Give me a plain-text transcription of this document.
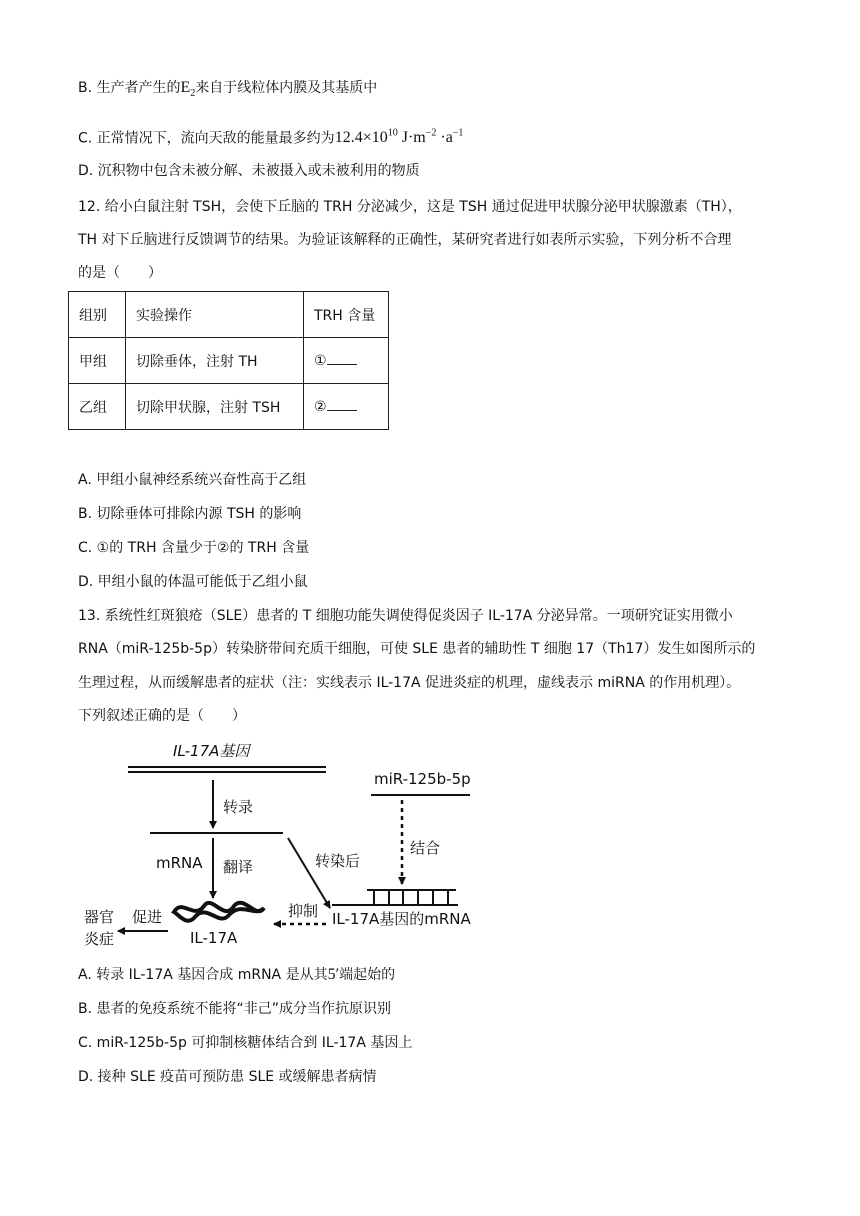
B. 生产者产生的$E_2$来自于线粒体内膜及其基质中
C. 正常情况下，流向天敌的能量最多约为$12.4\times 10^{10}$ $J\cdot m^{-2} \cdot a^{-1}$
D. 沉积物中包含未被分解、未被摄入或未被利用的物质
12. 给小白鼠注射 TSH，会使下丘脑的 TRH 分泌减少，这是 TSH 通过促进甲状腺分泌甲状腺激素（TH），
TH 对下丘脑进行反馈调节的结果。为验证该解释的正确性，某研究者进行如表所示实验，下列分析不合理
的是（　　）
组别	实验操作	TRH 含量
甲组	切除垂体，注射 TH	①
乙组	切除甲状腺，注射 TSH	②
A. 甲组小鼠神经系统兴奋性高于乙组
B. 切除垂体可排除内源 TSH 的影响
C. ①的 TRH 含量少于②的 TRH 含量
D. 甲组小鼠的体温可能低于乙组小鼠
13. 系统性红斑狼疮（SLE）患者的 T 细胞功能失调使得促炎因子 IL-17A 分泌异常。一项研究证实用微小
RNA（miR-125b-5p）转染脐带间充质干细胞，可使 SLE 患者的辅助性 T 细胞 17（Th17）发生如图所示的
生理过程，从而缓解患者的症状（注：实线表示 IL-17A 促进炎症的机理，虚线表示 miRNA 的作用机理）。
下列叙述正确的是（　　）
IL-17A基因
转录
mRNA 翻译
IL-17A
促进
器官
炎症
转染后
miR-125b-5p
结合
IL-17A基因的mRNA
抑制
A. 转录 IL-17A 基因合成 mRNA 是从其5′端起始的
B. 患者的免疫系统不能将“非己”成分当作抗原识别
C. miR-125b-5p 可抑制核糖体结合到 IL-17A 基因上
D. 接种 SLE 疫苗可预防患 SLE 或缓解患者病情
